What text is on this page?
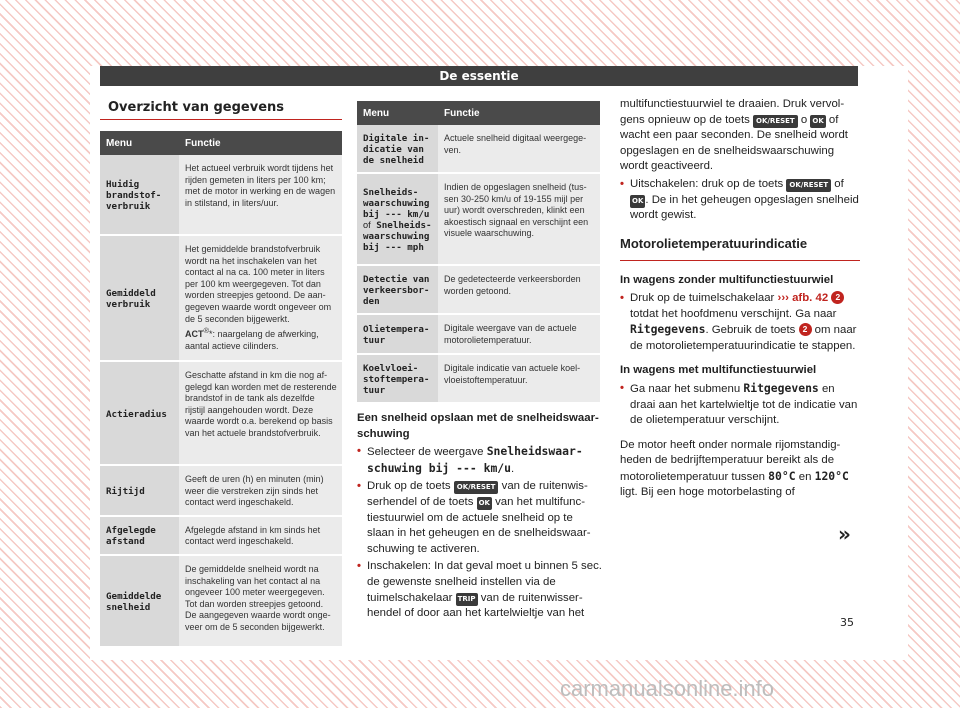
De essentie
Overzicht van gegevens
Menu	Functie
Huidig brandstofverbruik	Het actueel verbruik wordt tijdens het rijden gemeten in liters per 100 km; met de motor in werking en de wagen in stilstand, in liters/uur.
Gemiddeld verbruik	Het gemiddelde brandstofverbruik wordt na het inschakelen van het contact al na ca. 100 meter in liters per 100 km weergegeven. Tot dan worden streepjes getoond. De aangegeven waarde wordt ongeveer om de 5 seconden bijgewerkt.
ACT®*: naargelang de afwerking, aantal actieve cilinders.
Actieradius	Geschatte afstand in km die nog afgelegd kan worden met de resterende brandstof in de tank als dezelfde rijstijl aangehouden wordt. Deze waarde wordt o.a. berekend op basis van het actuele brandstofverbruik.
Rijtijd	Geeft de uren (h) en minuten (min) weer die verstreken zijn sinds het contact werd ingeschakeld.
Afgelegde afstand	Afgelegde afstand in km sinds het contact werd ingeschakeld.
Gemiddelde snelheid	De gemiddelde snelheid wordt na inschakeling van het contact al na ongeveer 100 meter weergegeven. Tot dan worden streepjes getoond. De aangegeven waarde wordt ongeveer om de 5 seconden bijgewerkt.
Menu	Functie
Digitale indicatie van de snelheid	Actuele snelheid digitaal weergegeven.
Snelheidswaarschuwing bij --- km/u of Snelheidswaarschuwing bij --- mph	Indien de opgeslagen snelheid (tussen 30-250 km/u of 19-155 mijl per uur) wordt overschreden, klinkt een akoestisch signaal en verschijnt een visuele waarschuwing.
Detectie van verkeersborden	De gedetecteerde verkeersborden worden getoond.
Olietemperatuur	Digitale weergave van de actuele motorolietemperatuur.
Koelvloeistoftemperatuur	Digitale indicatie van actuele koelvloeistoftemperatuur.

Een snelheid opslaan met de snelheidswaarschuwing

• Selecteer de weergave Snelheidswaarschuwing bij --- km/u.

• Druk op de toets OK/RESET van de ruitenwisserhendel of de toets OK van het multifunctiestuurwiel om de actuele snelheid op te slaan in het geheugen en de snelheidswaarschuwing te activeren.

• Inschakelen: In dat geval moet u binnen 5 sec. de gewenste snelheid instellen via de tuimelschakelaar TRIP van de ruitenwisserhendel of door aan het kartelwieltje van het

multifunctiestuurwiel te draaien. Druk vervolgens opnieuw op de toets OK/RESET o OK of wacht een paar seconden. De snelheid wordt opgeslagen en de snelheidswaarschuwing wordt geactiveerd.

• Uitschakelen: druk op de toets OK/RESET of OK . De in het geheugen opgeslagen snelheid wordt gewist.

Motorolietemperatuurindicatie

In wagens zonder multifunctiestuurwiel

• Druk op de tuimelschakelaar ››› afb. 42 2 totdat het hoofdmenu verschijnt. Ga naar Ritgegevens. Gebruik de toets 2 om naar de motorolietemperatuurindicatie te stappen.

In wagens met multifunctiestuurwiel

• Ga naar het submenu Ritgegevens en draai aan het kartelwieltje tot de indicatie van de olietemperatuur verschijnt.

De motor heeft onder normale rijomstandigheden de bedrijftemperatuur bereikt als de motorolietemperatuur tussen 80°C en 120°C ligt. Bij een hoge motorbelasting of

»
35
carmanualsonline.info
